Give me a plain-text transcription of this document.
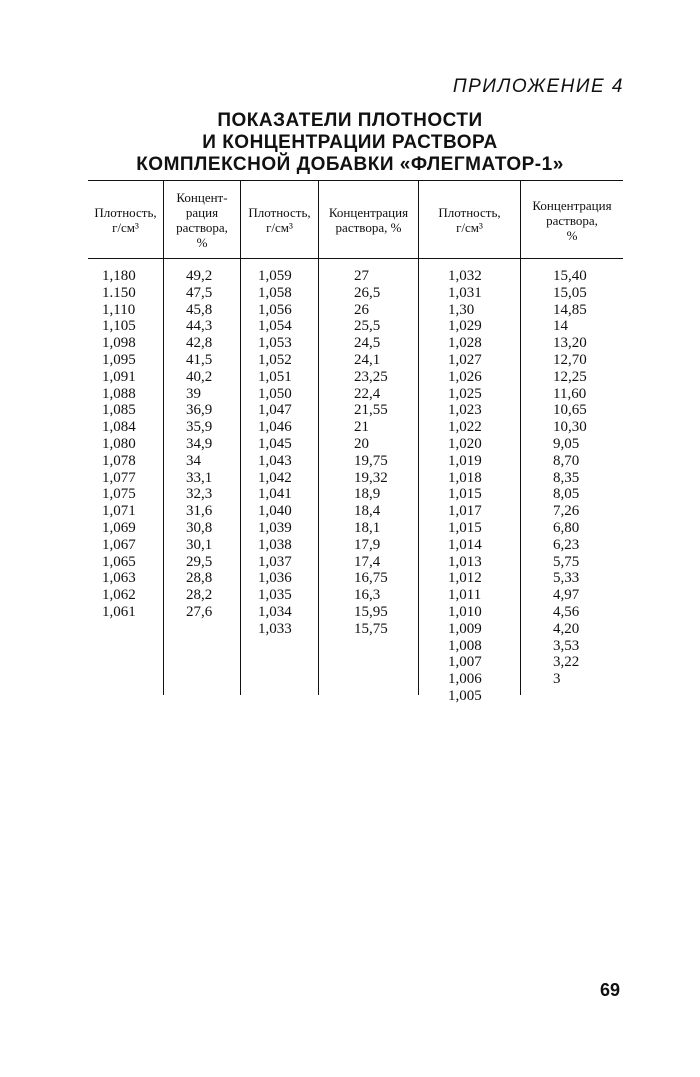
ПРИЛОЖЕНИЕ 4
ПОКАЗАТЕЛИ ПЛОТНОСТИ
И КОНЦЕНТРАЦИИ РАСТВОРА
КОМПЛЕКСНОЙ ДОБАВКИ «ФЛЕГМАТОР-1»
Плотность,
г/см³
Концент-
рация
раствора,
%
Плотность,
г/см³
Концентрация
раствора, %
Плотность,
г/см³
Концентрация
раствора,
%
1,180
1.150
1,110
1,105
1,098
1,095
1,091
1,088
1,085
1,084
1,080
1,078
1,077
1,075
1,071
1,069
1,067
1,065
1,063
1,062
1,061
49,2
47,5
45,8
44,3
42,8
41,5
40,2
39
36,9
35,9
34,9
34
33,1
32,3
31,6
30,8
30,1
29,5
28,8
28,2
27,6
1,059
1,058
1,056
1,054
1,053
1,052
1,051
1,050
1,047
1,046
1,045
1,043
1,042
1,041
1,040
1,039
1,038
1,037
1,036
1,035
1,034
1,033
27
26,5
26
25,5
24,5
24,1
23,25
22,4
21,55
21
20
19,75
19,32
18,9
18,4
18,1
17,9
17,4
16,75
16,3
15,95
15,75
1,032
1,031
1,30
1,029
1,028
1,027
1,026
1,025
1,023
1,022
1,020
1,019
1,018
1,015
1,017
1,015
1,014
1,013
1,012
1,011
1,010
1,009
1,008
1,007
1,006
1,005
15,40
15,05
14,85
14
13,20
12,70
12,25
11,60
10,65
10,30
9,05
8,70
8,35
8,05
7,26
6,80
6,23
5,75
5,33
4,97
4,56
4,20
3,53
3,22
3
69
